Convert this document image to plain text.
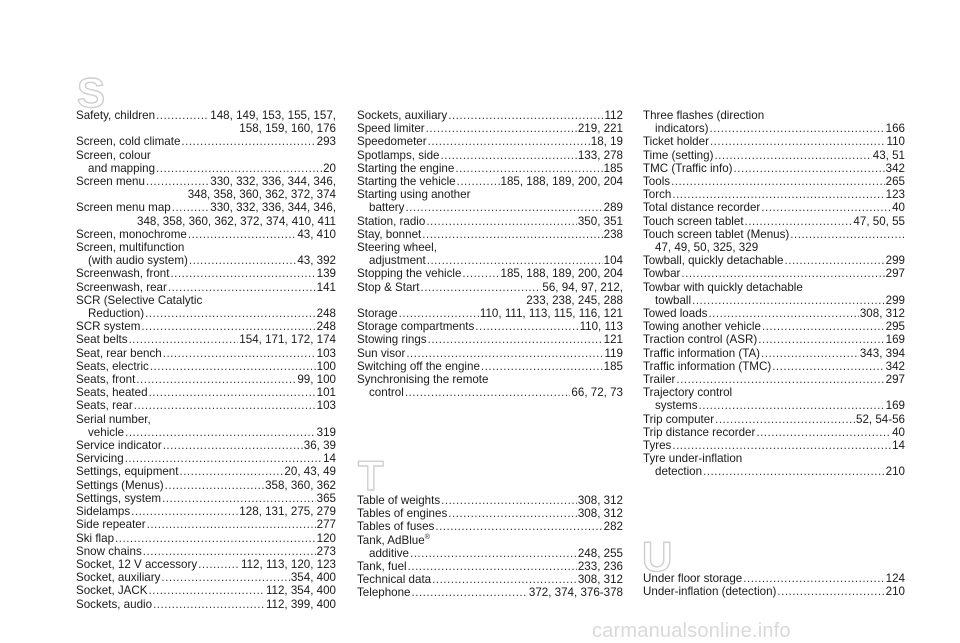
S
T
U
Safety, children .....	148, 149, 153, 155, 157,
158, 159, 160, 176
Screen, cold climate .....	293
Screen, colour
and mapping .....	20
Screen menu .....	330, 332, 336, 344, 346,
348, 358, 360, 362, 372, 374
Screen menu map .....	330, 332, 336, 344, 346,
348, 358, 360, 362, 372, 374, 410, 411
Screen, monochrome .....	43, 410
Screen, multifunction
(with audio system) .....	43, 392
Screenwash, front .....	139
Screenwash, rear .....	141
SCR (Selective Catalytic
Reduction) .....	248
SCR system .....	248
Seat belts .....	154, 171, 172, 174
Seat, rear bench .....	103
Seats, electric .....	100
Seats, front .....	99, 100
Seats, heated .....	101
Seats, rear .....	103
Serial number,
vehicle .....	319
Service indicator .....	36, 39
Servicing .....	14
Settings, equipment .....	20, 43, 49
Settings (Menus) .....	358, 360, 362
Settings, system .....	365
Sidelamps .....	128, 131, 275, 279
Side repeater .....	277
Ski flap .....	120
Snow chains .....	273
Socket, 12 V accessory .....	112, 113, 120, 123
Socket, auxiliary .....	354, 400
Socket, JACK .....	112, 354, 400
Sockets, audio .....	112, 399, 400
Sockets, auxiliary .....	112
Speed limiter .....	219, 221
Speedometer .....	18, 19
Spotlamps, side .....	133, 278
Starting the engine .....	185
Starting the vehicle .....	185, 188, 189, 200, 204
Starting using another
battery .....	289
Station, radio .....	350, 351
Stay, bonnet .....	238
Steering wheel,
adjustment .....	104
Stopping the vehicle .....	185, 188, 189, 200, 204
Stop & Start .....	56, 94, 97, 212,
233, 238, 245, 288
Storage .....	110, 111, 113, 115, 116, 121
Storage compartments .....	110, 113
Stowing rings .....	121
Sun visor .....	119
Switching off the engine .....	185
Synchronising the remote
control .....	66, 72, 73
Table of weights .....	308, 312
Tables of engines .....	308, 312
Tables of fuses .....	282
Tank, AdBlue®
additive .....	248, 255
Tank, fuel .....	233, 236
Technical data .....	308, 312
Telephone .....	372, 374, 376-378
Three flashes (direction
indicators) .....	166
Ticket holder .....	110
Time (setting) .....	43, 51
TMC (Traffic info) .....	342
Tools .....	265
Torch .....	123
Total distance recorder .....	40
Touch screen tablet .....	47, 50, 55
Touch screen tablet (Menus)
.....
47, 49, 50, 325, 329
Towball, quickly detachable .....	299
Towbar .....	297
Towbar with quickly detachable
towball .....	299
Towed loads .....	308, 312
Towing another vehicle .....	295
Traction control (ASR) .....	169
Traffic information (TA) .....	343, 394
Traffic information (TMC) .....	342
Trailer .....	297
Trajectory control
systems .....	169
Trip computer .....	52, 54-56
Trip distance recorder .....	40
Tyres .....	14
Tyre under-inflation
detection .....	210
Under floor storage .....	124
Under-inflation (detection) .....	210
carmanualsonline.info
